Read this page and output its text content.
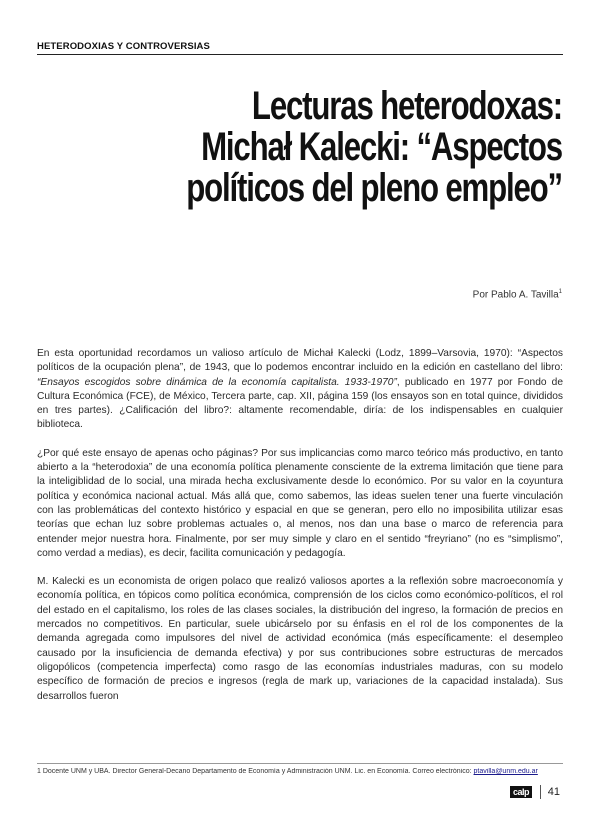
HETERODOXIAS Y CONTROVERSIAS
Lecturas heterodoxas:
Michał Kalecki: “Aspectos
políticos del pleno empleo”
Por Pablo A. Tavilla$^1$

En esta oportunidad recordamos un valioso artículo de Michał Kalecki (Lodz, 1899–Varsovia, 1970): “Aspectos políticos de la ocupación plena”, de 1943, que lo podemos encontrar incluido en la edición en castellano del libro: “Ensayos escogidos sobre dinámica de la economía capitalista. 1933-1970”, publicado en 1977 por Fondo de Cultura Económica (FCE), de México, Tercera parte, cap. XII, página 159 (los ensayos son en total quince, divididos en tres partes). ¿Calificación del libro?: altamente recomendable, diría: de los indispensables en cualquier biblioteca.

¿Por qué este ensayo de apenas ocho páginas? Por sus implicancias como marco teórico más productivo, en tanto abierto a la “heterodoxia” de una economía política plenamente consciente de la extrema limitación que tiene para la inteligiblidad de lo social, una mirada hecha exclusivamente desde lo económico. Por su valor en la coyuntura política y económica nacional actual. Más allá que, como sabemos, las ideas suelen tener una fuerte vinculación con las problemáticas del contexto histórico y espacial en que se generan, pero ello no imposibilita utilizar esas teorías que echan luz sobre problemas actuales o, al menos, nos dan una base o marco de referencia para entender mejor nuestra hora. Finalmente, por ser muy simple y claro en el sentido “freyriano” (no es “simplismo”, como verdad a medias), es decir, facilita comunicación y pedagogía.

M. Kalecki es un economista de origen polaco que realizó valiosos aportes a la reflexión sobre macroeconomía y economía política, en tópicos como política económica, comprensión de los ciclos como económico-políticos, el rol del estado en el capitalismo, los roles de las clases sociales, la distribución del ingreso, la formación de precios en mercados no competitivos. En particular, suele ubicárselo por su énfasis en el rol de los componentes de la demanda agregada como impulsores del nivel de actividad económica (más específicamente: el desempleo causado por la insuficiencia de demanda efectiva) y por sus contribuciones sobre estructuras de mercados oligopólicos (competencia imperfecta) como rasgo de las economías industriales maduras, con su modelo específico de formación de precios e ingresos (regla de mark up, variaciones de la capacidad instalada). Sus desarrollos fueron

1 Docente UNM y UBA. Director General-Decano Departamento de Economía y Administración UNM. Lic. en Economía. Correo electrónico: ptavilla@unm.edu.ar
caIp 41
